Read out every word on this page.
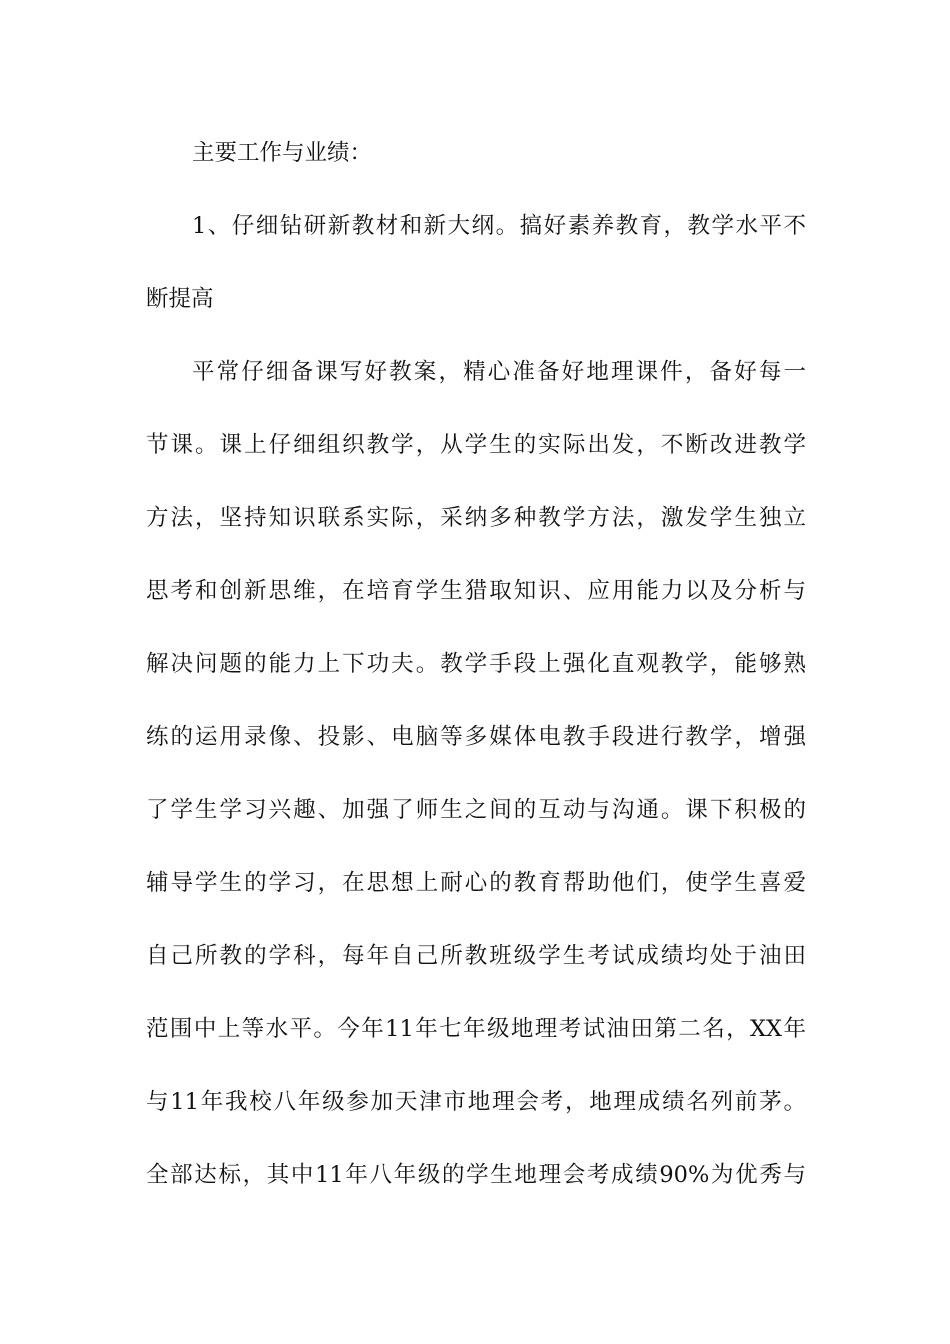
主要工作与业绩：
1、仔细钻研新教材和新大纲。搞好素养教育，教学水平不
断提高
平常仔细备课写好教案，精心准备好地理课件，备好每一
节课。课上仔细组织教学，从学生的实际出发，不断改进教学
方法，坚持知识联系实际，采纳多种教学方法，激发学生独立
思考和创新思维，在培育学生猎取知识、应用能力以及分析与
解决问题的能力上下功夫。教学手段上强化直观教学，能够熟
练的运用录像、投影、电脑等多媒体电教手段进行教学，增强
了学生学习兴趣、加强了师生之间的互动与沟通。课下积极的
辅导学生的学习，在思想上耐心的教育帮助他们，使学生喜爱
自己所教的学科，每年自己所教班级学生考试成绩均处于油田
范围中上等水平。今年11年七年级地理考试油田第二名，XX年
与11年我校八年级参加天津市地理会考，地理成绩名列前茅。
全部达标，其中11年八年级的学生地理会考成绩90%为优秀与
